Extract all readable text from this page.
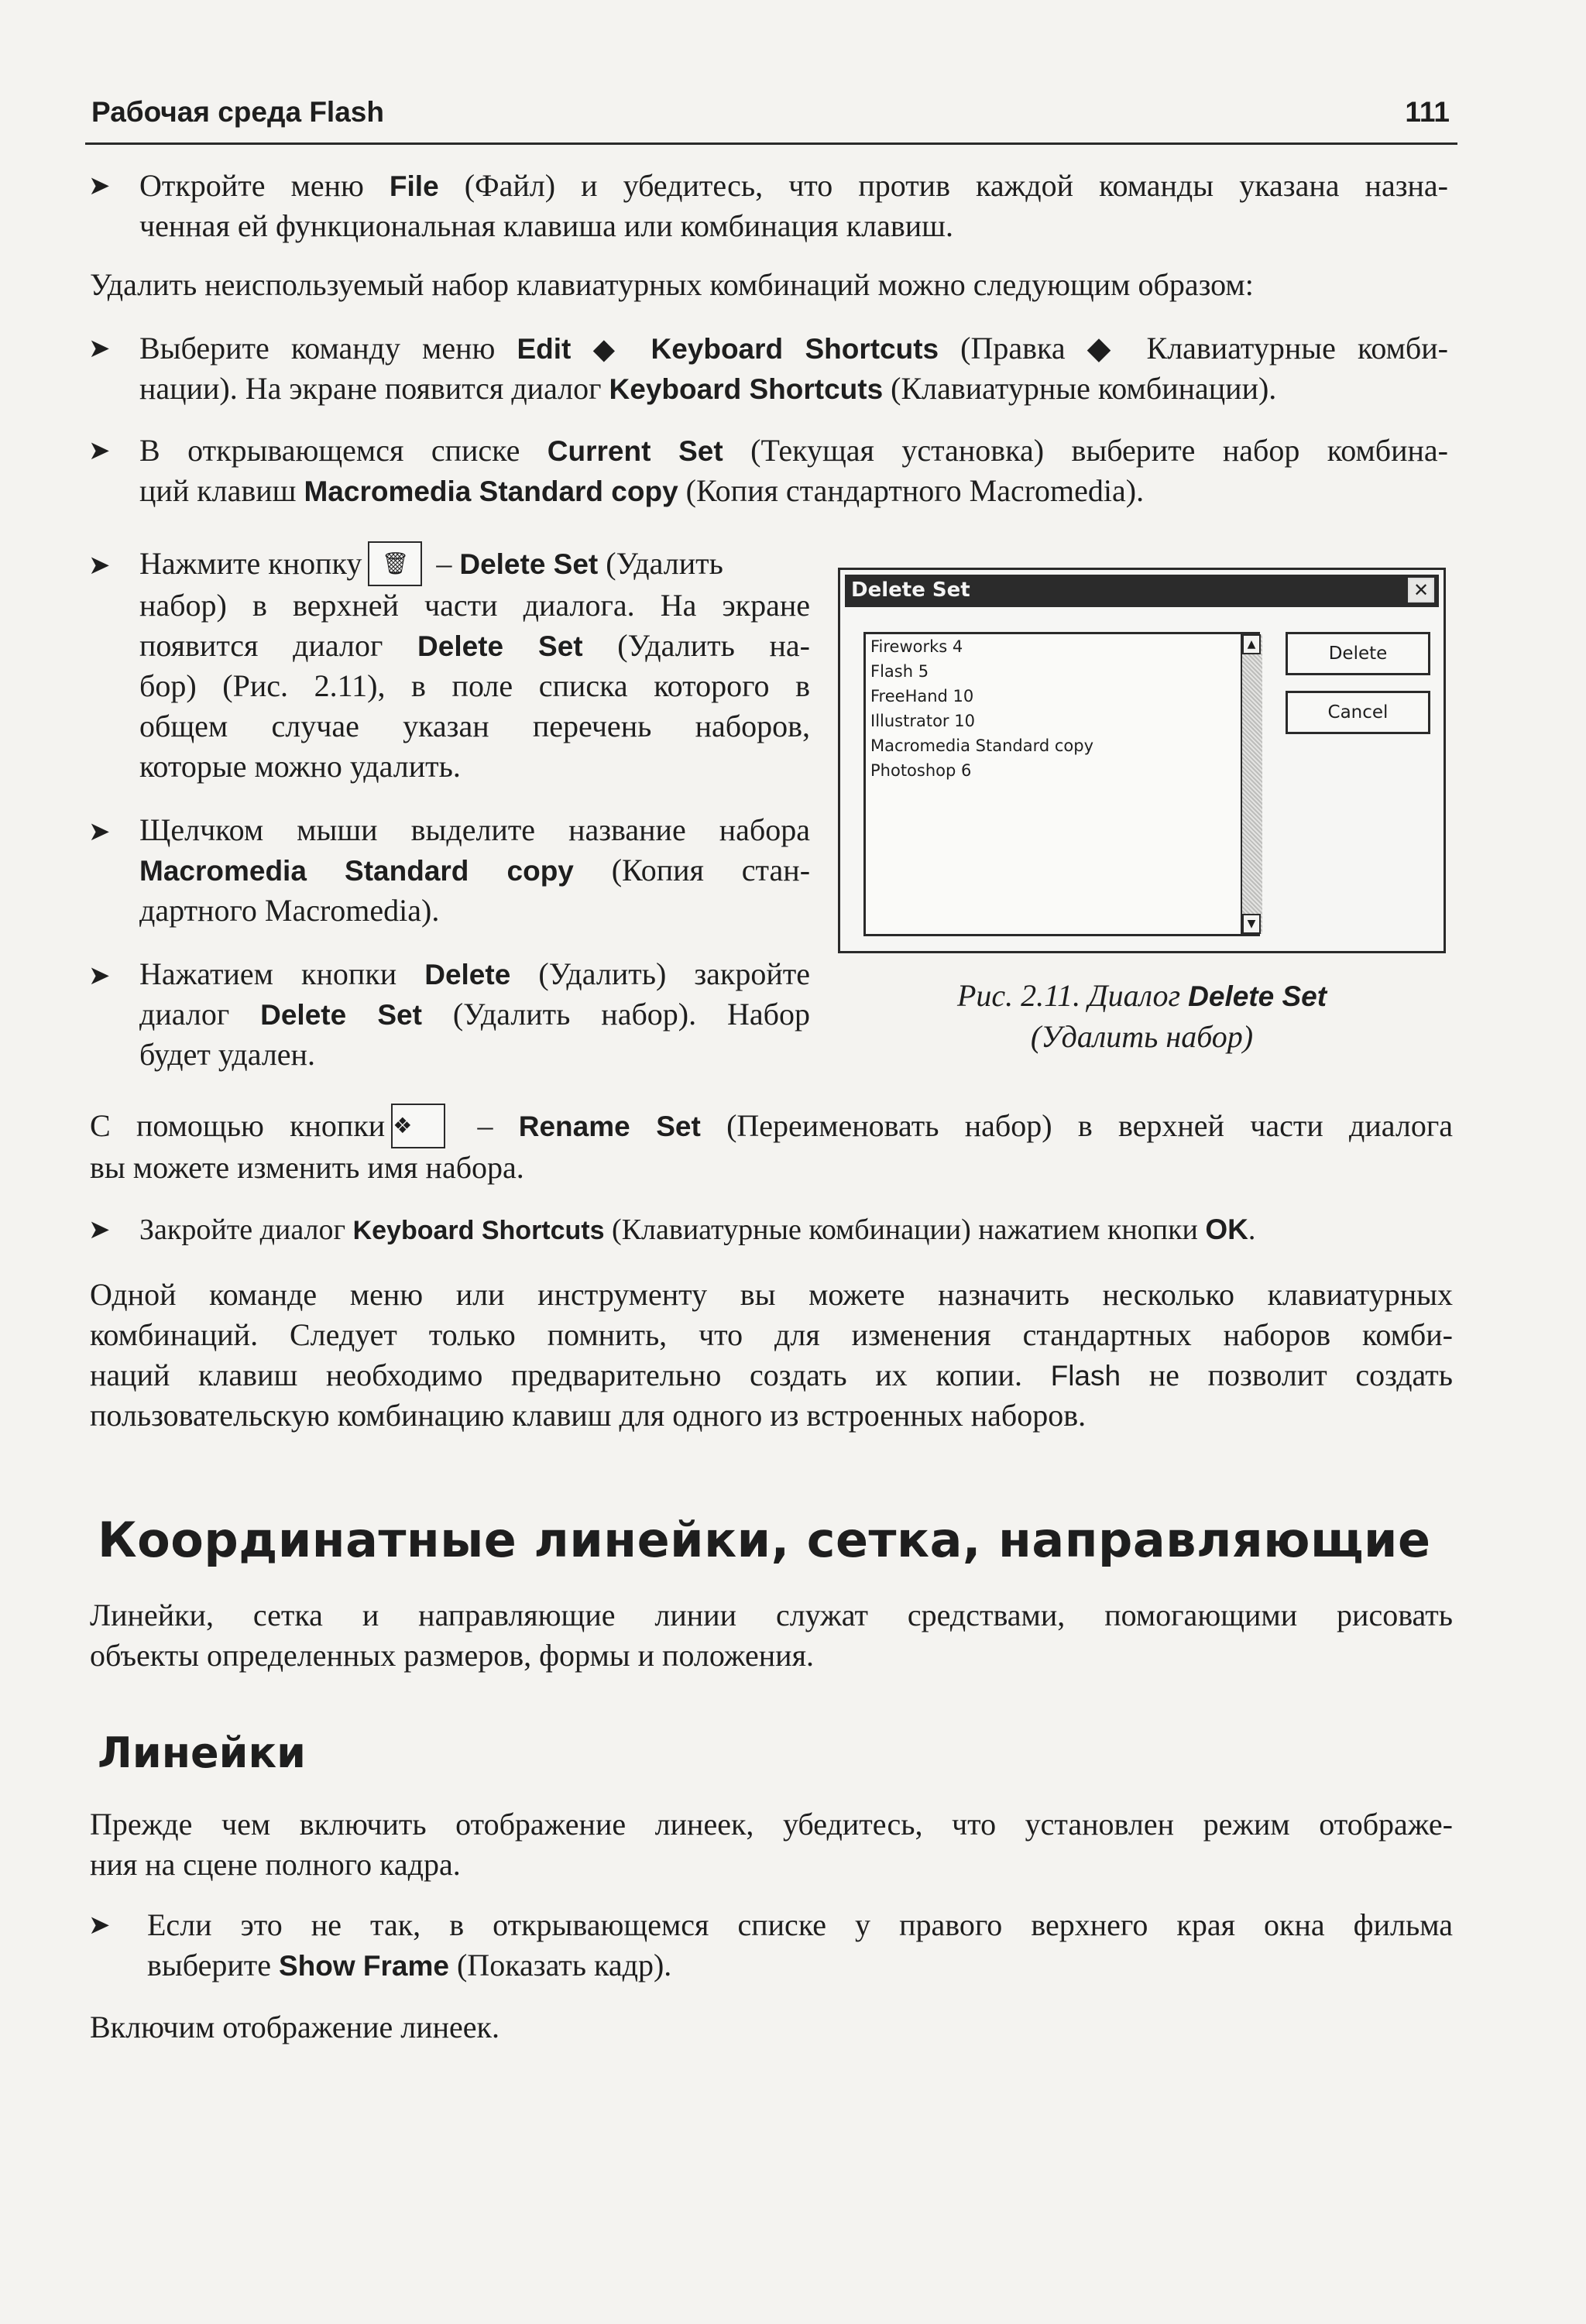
Рабочая среда Flash	111
➤
Откройте меню File (Файл) и убедитесь, что против каждой команды указана назна-
ченная ей функциональная клавиша или комбинация клавиш.
Удалить неиспользуемый набор клавиатурных комбинаций можно следующим образом:
➤
Выберите команду меню Edit ◆ Keyboard Shortcuts (Правка ◆ Клавиатурные комби-
нации). На экране появится диалог Keyboard Shortcuts (Клавиатурные комбинации).
➤
В открывающемся списке Current Set (Текущая установка) выберите набор комбина-
ций клавиш Macromedia Standard copy (Копия стандартного Macromedia).
➤
Нажмите кнопку 🗑 – Delete Set (Удалить
набор) в верхней части диалога. На экране
появится диалог Delete Set (Удалить на-
бор) (Рис. 2.11), в поле списка которого в
общем случае указан перечень наборов,
которые можно удалить.
➤
Щелчком мыши выделите название набора
Macromedia Standard copy (Копия стан-
дартного Macromedia).
➤
Нажатием кнопки Delete (Удалить) закройте
диалог Delete Set (Удалить набор). Набор
будет удален.
Delete Set	✕
Fireworks 4
Flash 5
FreeHand 10
Illustrator 10
Macromedia Standard copy
Photoshop 6
▲
▼
Delete
Cancel
Рис. 2.11. Диалог Delete Set
(Удалить набор)
С помощью кнопки ❖ – Rename Set (Переименовать набор) в верхней части диалога
вы можете изменить имя набора.
➤
Закройте диалог Keyboard Shortcuts (Клавиатурные комбинации) нажатием кнопки OK.
Одной команде меню или инструменту вы можете назначить несколько клавиатурных
комбинаций. Следует только помнить, что для изменения стандартных наборов комби-
наций клавиш необходимо предварительно создать их копии. Flash не позволит создать
пользовательскую комбинацию клавиш для одного из встроенных наборов.
Координатные линейки, сетка, направляющие
Линейки, сетка и направляющие линии служат средствами, помогающими рисовать
объекты определенных размеров, формы и положения.
Линейки
Прежде чем включить отображение линеек, убедитесь, что установлен режим отображе-
ния на сцене полного кадра.
➤
Если это не так, в открывающемся списке у правого верхнего края окна фильма
выберите Show Frame (Показать кадр).
Включим отображение линеек.
